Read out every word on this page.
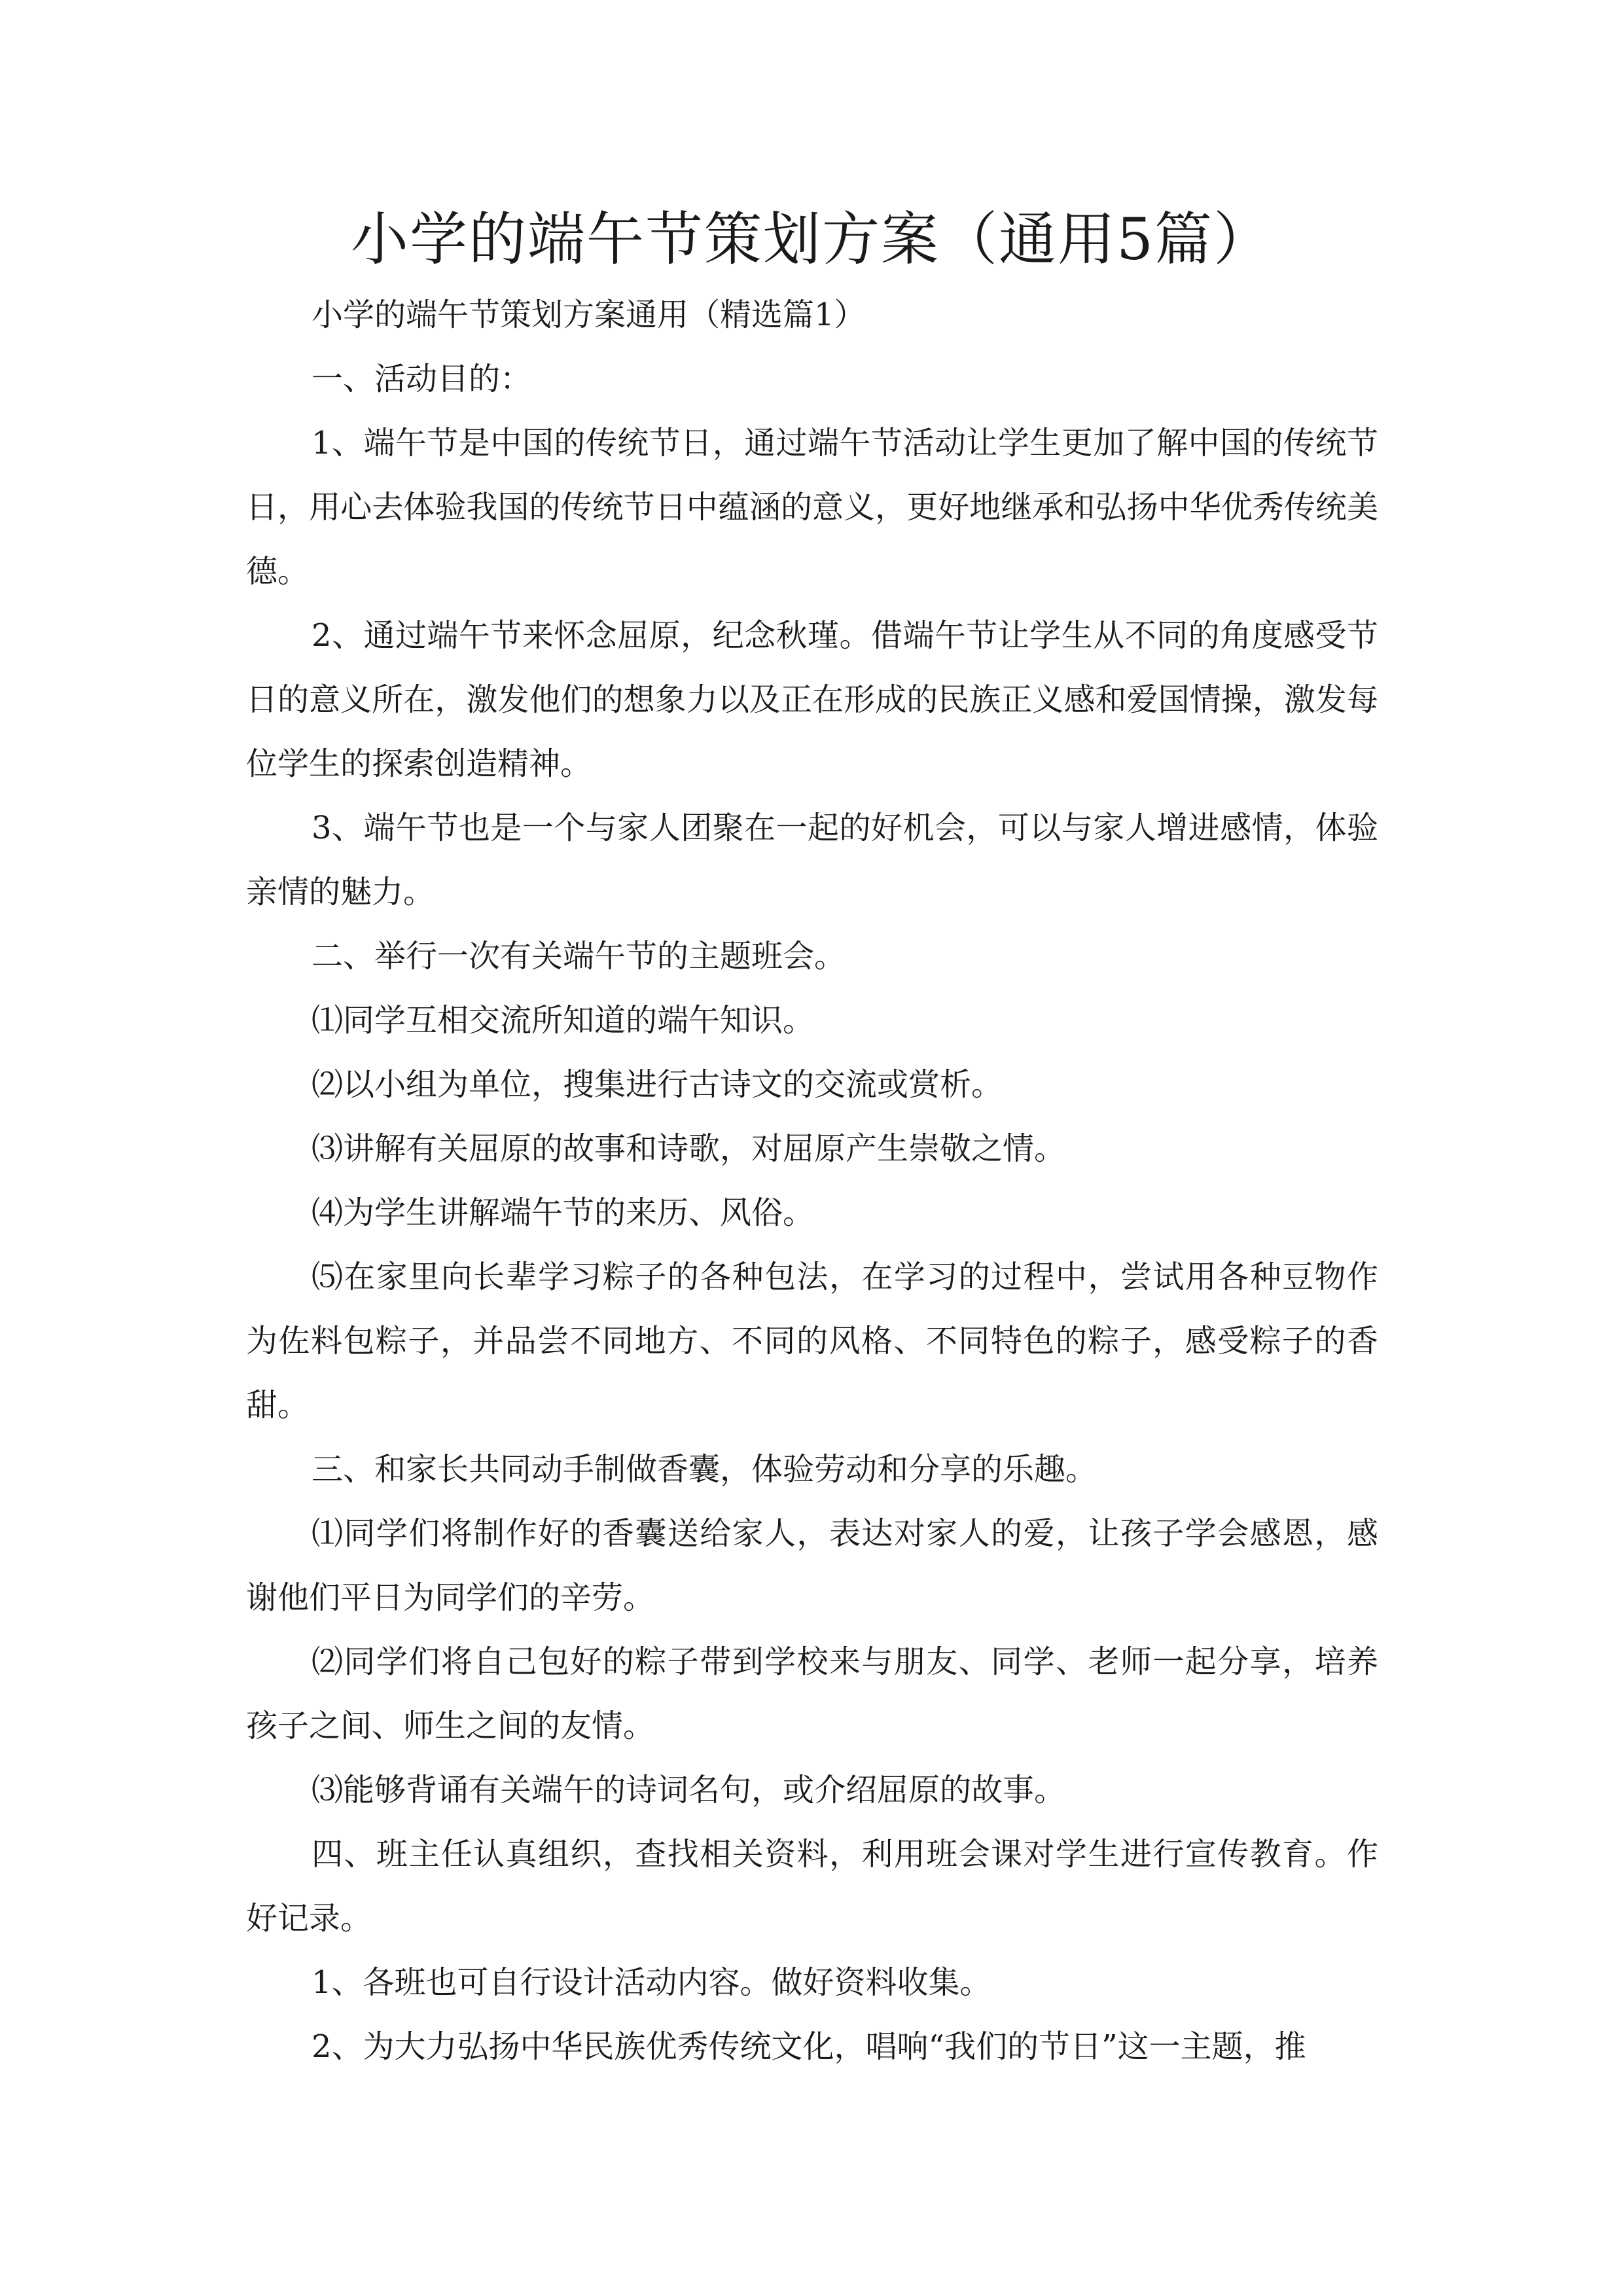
小学的端午节策划方案（通用5篇）

小学的端午节策划方案通用（精选篇1）

一、活动目的：

1、端午节是中国的传统节日，通过端午节活动让学生更加了解中国的传统节日，用心去体验我国的传统节日中蕴涵的意义，更好地继承和弘扬中华优秀传统美德。

2、通过端午节来怀念屈原，纪念秋瑾。借端午节让学生从不同的角度感受节日的意义所在，激发他们的想象力以及正在形成的民族正义感和爱国情操，激发每位学生的探索创造精神。

3、端午节也是一个与家人团聚在一起的好机会，可以与家人增进感情，体验亲情的魅力。

二、举行一次有关端午节的主题班会。

⑴同学互相交流所知道的端午知识。

⑵以小组为单位，搜集进行古诗文的交流或赏析。

⑶讲解有关屈原的故事和诗歌，对屈原产生崇敬之情。

⑷为学生讲解端午节的来历、风俗。

⑸在家里向长辈学习粽子的各种包法，在学习的过程中，尝试用各种豆物作为佐料包粽子，并品尝不同地方、不同的风格、不同特色的粽子，感受粽子的香甜。

三、和家长共同动手制做香囊，体验劳动和分享的乐趣。

⑴同学们将制作好的香囊送给家人，表达对家人的爱，让孩子学会感恩，感谢他们平日为同学们的辛劳。

⑵同学们将自己包好的粽子带到学校来与朋友、同学、老师一起分享，培养孩子之间、师生之间的友情。

⑶能够背诵有关端午的诗词名句，或介绍屈原的故事。

四、班主任认真组织，查找相关资料，利用班会课对学生进行宣传教育。作好记录。

1、各班也可自行设计活动内容。做好资料收集。

2、为大力弘扬中华民族优秀传统文化，唱响“我们的节日”这一主题，推
